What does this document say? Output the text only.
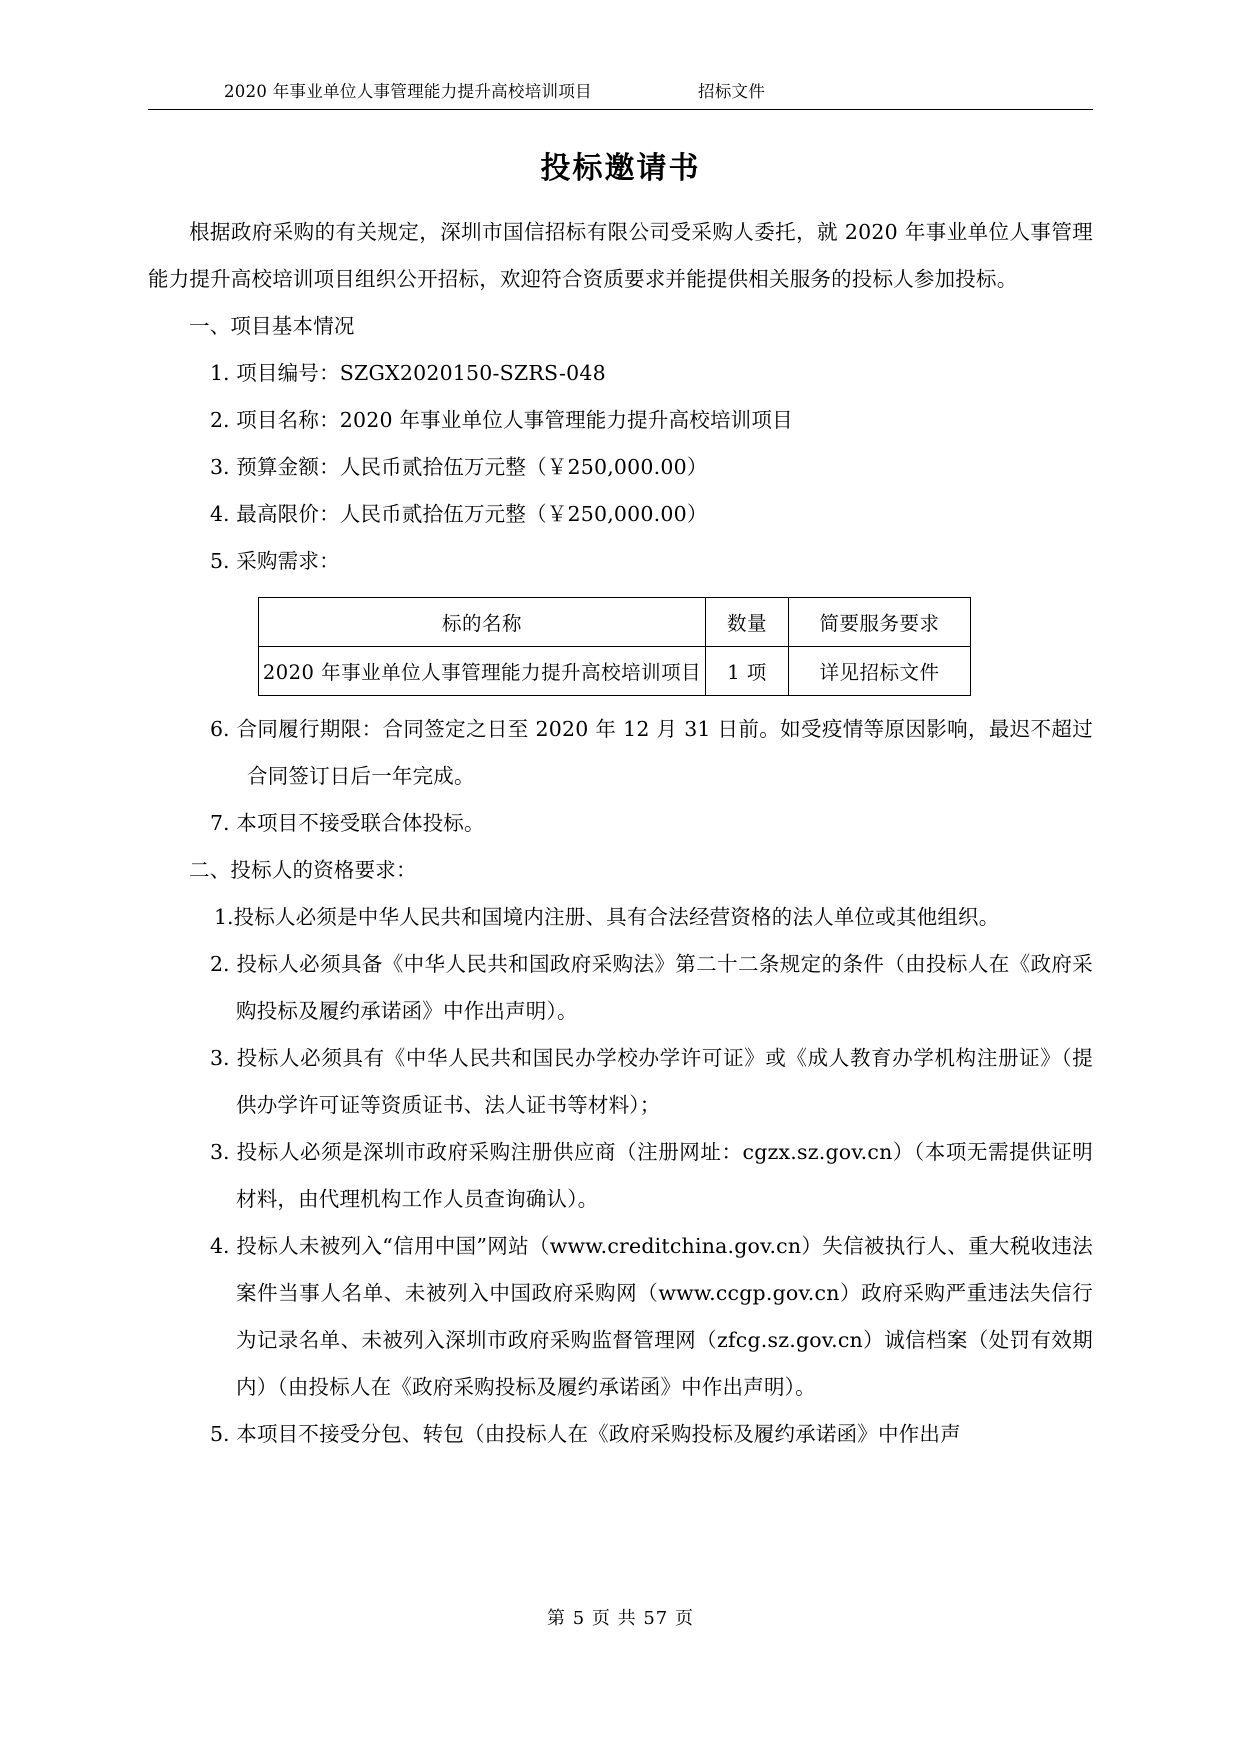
2020 年事业单位人事管理能力提升高校培训项目	招标文件
投标邀请书

根据政府采购的有关规定，深圳市国信招标有限公司受采购人委托，就 2020 年事业单位人事管理能力提升高校培训项目组织公开招标，欢迎符合资质要求并能提供相关服务的投标人参加投标。

一、项目基本情况

1. 项目编号：SZGX2020150-SZRS-048

2. 项目名称：2020 年事业单位人事管理能力提升高校培训项目

3. 预算金额：人民币贰拾伍万元整（￥250,000.00）

4. 最高限价：人民币贰拾伍万元整（￥250,000.00）

5. 采购需求：

标的名称	数量	简要服务要求
2020 年事业单位人事管理能力提升高校培训项目	1 项	详见招标文件

6. 合同履行期限：合同签定之日至 2020 年 12 月 31 日前。如受疫情等原因影响，最迟不超过合同签订日后一年完成。

7. 本项目不接受联合体投标。

二、投标人的资格要求：

1.投标人必须是中华人民共和国境内注册、具有合法经营资格的法人单位或其他组织。

2. 投标人必须具备《中华人民共和国政府采购法》第二十二条规定的条件（由投标人在《政府采购投标及履约承诺函》中作出声明）。

3. 投标人必须具有《中华人民共和国民办学校办学许可证》或《成人教育办学机构注册证》（提供办学许可证等资质证书、法人证书等材料）；

3. 投标人必须是深圳市政府采购注册供应商（注册网址：cgzx.sz.gov.cn）（本项无需提供证明材料，由代理机构工作人员查询确认）。

4. 投标人未被列入“信用中国”网站（www.creditchina.gov.cn）失信被执行人、重大税收违法案件当事人名单、未被列入中国政府采购网（www.ccgp.gov.cn）政府采购严重违法失信行为记录名单、未被列入深圳市政府采购监督管理网（zfcg.sz.gov.cn）诚信档案（处罚有效期内）（由投标人在《政府采购投标及履约承诺函》中作出声明）。

5. 本项目不接受分包、转包（由投标人在《政府采购投标及履约承诺函》中作出声

第 5 页 共 57 页
